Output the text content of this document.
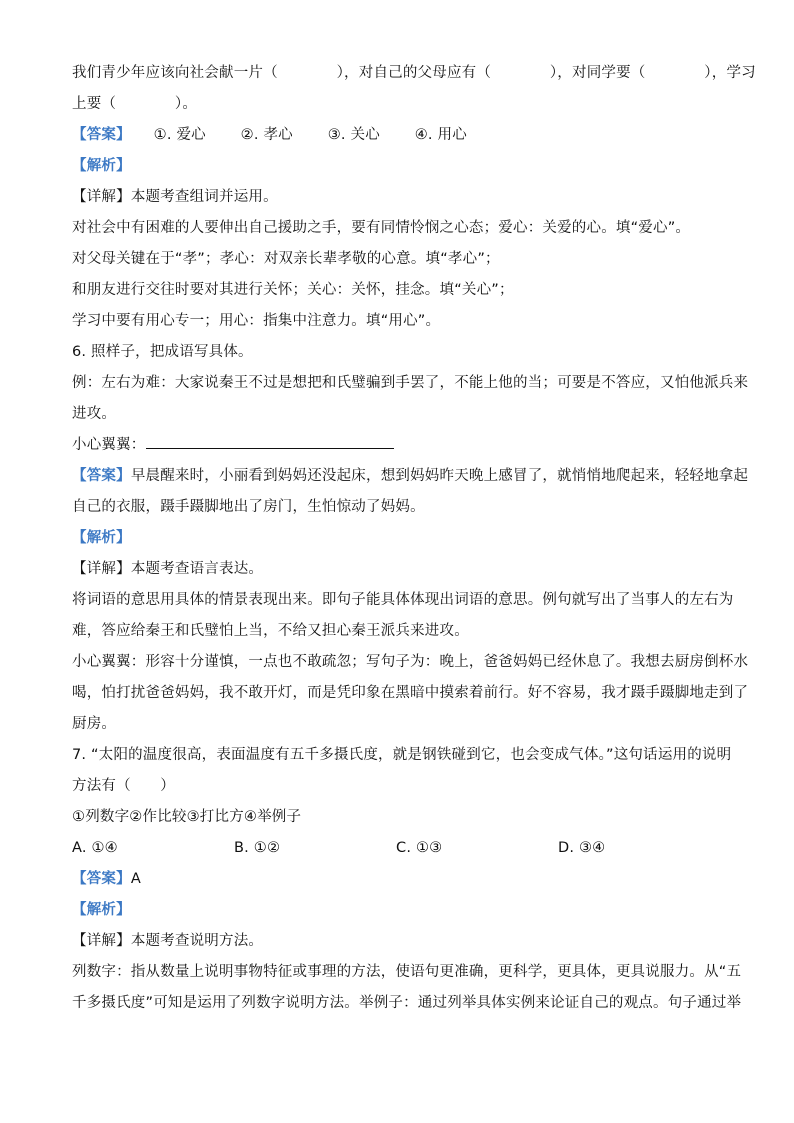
我们青少年应该向社会献一片（　　　　），对自己的父母应有（　　　　），对同学要（　　　　），学习
上要（　　　　）。
【答案】 ①. 爱心 ②. 孝心 ③. 关心 ④. 用心
【解析】
【详解】本题考查组词并运用。
对社会中有困难的人要伸出自己援助之手，要有同情怜悯之心态；爱心：关爱的心。填“爱心”。
对父母关键在于“孝”；孝心：对双亲长辈孝敬的心意。填“孝心”；
和朋友进行交往时要对其进行关怀；关心：关怀，挂念。填“关心”；
学习中要有用心专一；用心：指集中注意力。填“用心”。
6. 照样子，把成语写具体。
例：左右为难：大家说秦王不过是想把和氏璧骗到手罢了，不能上他的当；可要是不答应，又怕他派兵来
进攻。
小心翼翼：
【答案】早晨醒来时，小丽看到妈妈还没起床，想到妈妈昨天晚上感冒了，就悄悄地爬起来，轻轻地拿起
自己的衣服，蹑手蹑脚地出了房门，生怕惊动了妈妈。
【解析】
【详解】本题考查语言表达。
将词语的意思用具体的情景表现出来。即句子能具体体现出词语的意思。例句就写出了当事人的左右为
难，答应给秦王和氏璧怕上当，不给又担心秦王派兵来进攻。
小心翼翼：形容十分谨慎，一点也不敢疏忽；写句子为：晚上，爸爸妈妈已经休息了。我想去厨房倒杯水
喝，怕打扰爸爸妈妈，我不敢开灯，而是凭印象在黑暗中摸索着前行。好不容易，我才蹑手蹑脚地走到了
厨房。
7. “太阳的温度很高，表面温度有五千多摄氏度，就是钢铁碰到它，也会变成气体。”这句话运用的说明
方法有（　　）
①列数字②作比较③打比方④举例子
A. ①④	B. ①②	C. ①③	D. ③④
【答案】A
【解析】
【详解】本题考查说明方法。
列数字：指从数量上说明事物特征或事理的方法，使语句更准确，更科学，更具体，更具说服力。从“五
千多摄氏度”可知是运用了列数字说明方法。举例子：通过列举具体实例来论证自己的观点。句子通过举
